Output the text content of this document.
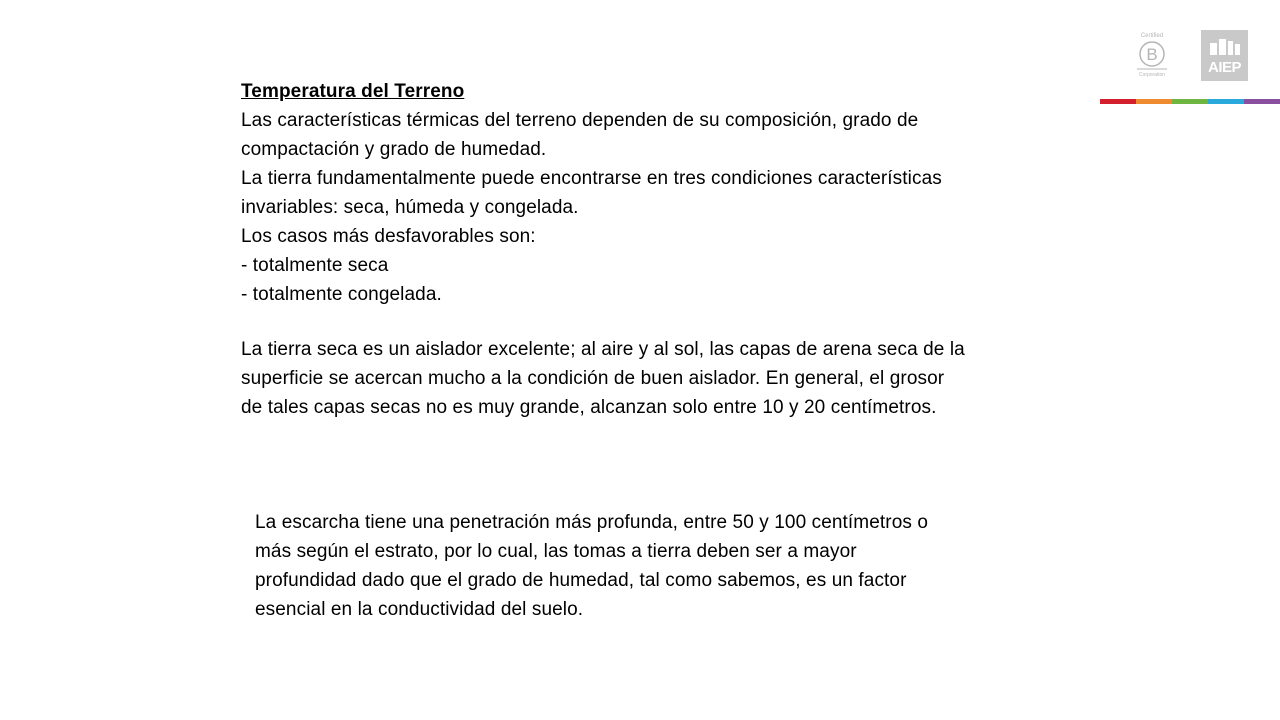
Temperatura del Terreno
Las características térmicas del terreno dependen de su composición, grado de
compactación y grado de humedad.
La tierra fundamentalmente puede encontrarse en tres condiciones características
invariables: seca, húmeda y congelada.
Los casos más desfavorables son:
- totalmente seca
- totalmente congelada.
La tierra seca es un aislador excelente; al aire y al sol, las capas de arena seca de la
superficie se acercan mucho a la condición de buen aislador. En general, el grosor
de tales capas secas no es muy grande, alcanzan solo entre 10 y 20 centímetros.
La escarcha tiene una penetración más profunda, entre 50 y 100 centímetros o
más según el estrato, por lo cual, las tomas a tierra deben ser a mayor
profundidad dado que el grado de humedad, tal como sabemos, es un factor
esencial en la conductividad del suelo.
Certified
B
Corporation	AIEP
